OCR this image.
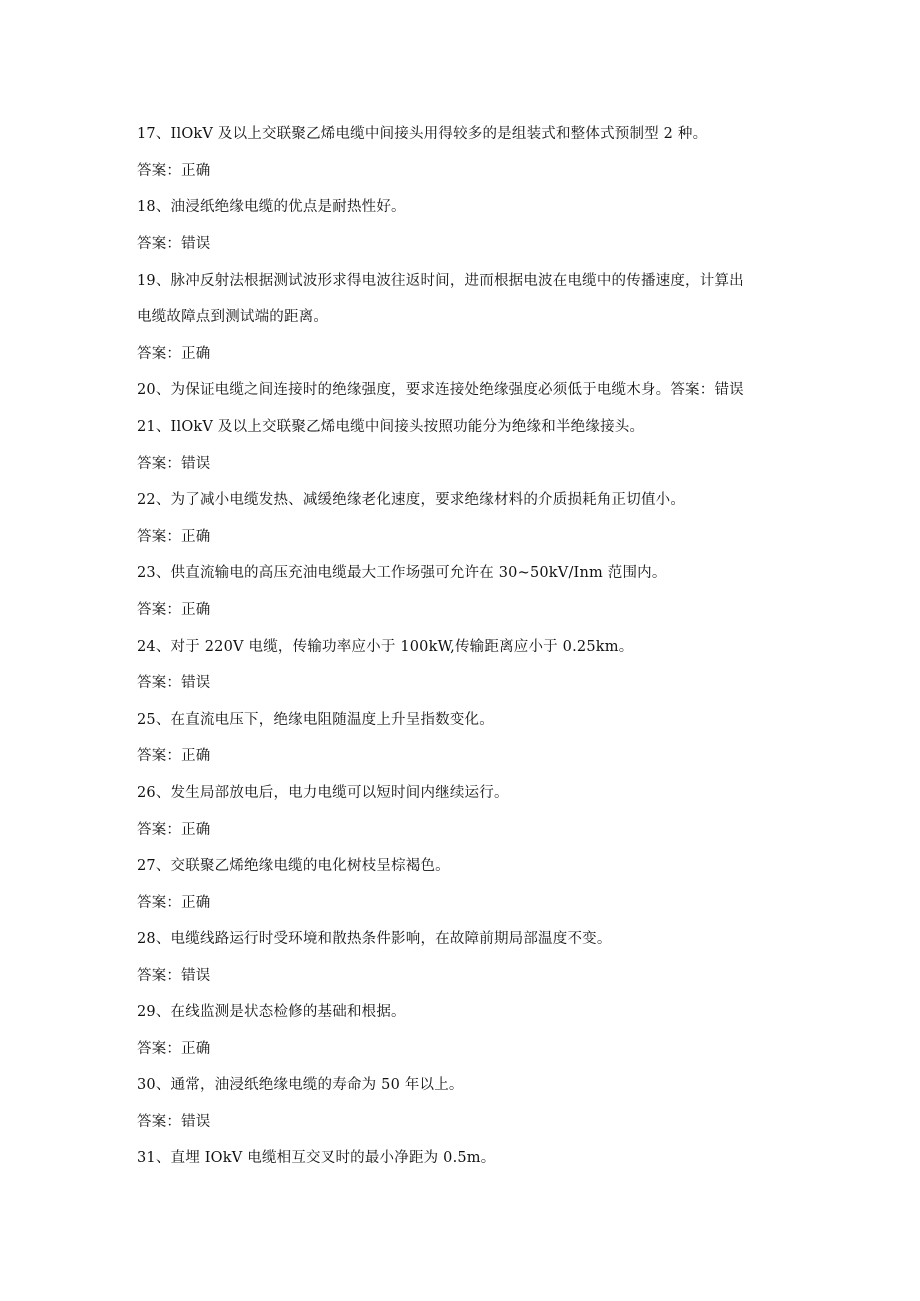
17、IlOkV 及以上交联聚乙烯电缆中间接头用得较多的是组装式和整体式预制型 2 种。
答案：正确
18、油浸纸绝缘电缆的优点是耐热性好。
答案：错误
19、脉冲反射法根据测试波形求得电波往返时间，进而根据电波在电缆中的传播速度，计算出
电缆故障点到测试端的距离。
答案：正确
20、为保证电缆之间连接时的绝缘强度，要求连接处绝缘强度必须低于电缆木身。答案：错误
21、IlOkV 及以上交联聚乙烯电缆中间接头按照功能分为绝缘和半绝缘接头。
答案：错误
22、为了减小电缆发热、减缓绝缘老化速度，要求绝缘材料的介质损耗角正切值小。
答案：正确
23、供直流输电的高压充油电缆最大工作场强可允许在 30~50kV/Inm 范围内。
答案：正确
24、对于 220V 电缆，传输功率应小于 100kW,传输距离应小于 0.25km。
答案：错误
25、在直流电压下，绝缘电阻随温度上升呈指数变化。
答案：正确
26、发生局部放电后，电力电缆可以短时间内继续运行。
答案：正确
27、交联聚乙烯绝缘电缆的电化树枝呈棕褐色。
答案：正确
28、电缆线路运行时受环境和散热条件影响，在故障前期局部温度不变。
答案：错误
29、在线监测是状态检修的基础和根据。
答案：正确
30、通常，油浸纸绝缘电缆的寿命为 50 年以上。
答案：错误
31、直埋 IOkV 电缆相互交叉时的最小净距为 0.5m。
